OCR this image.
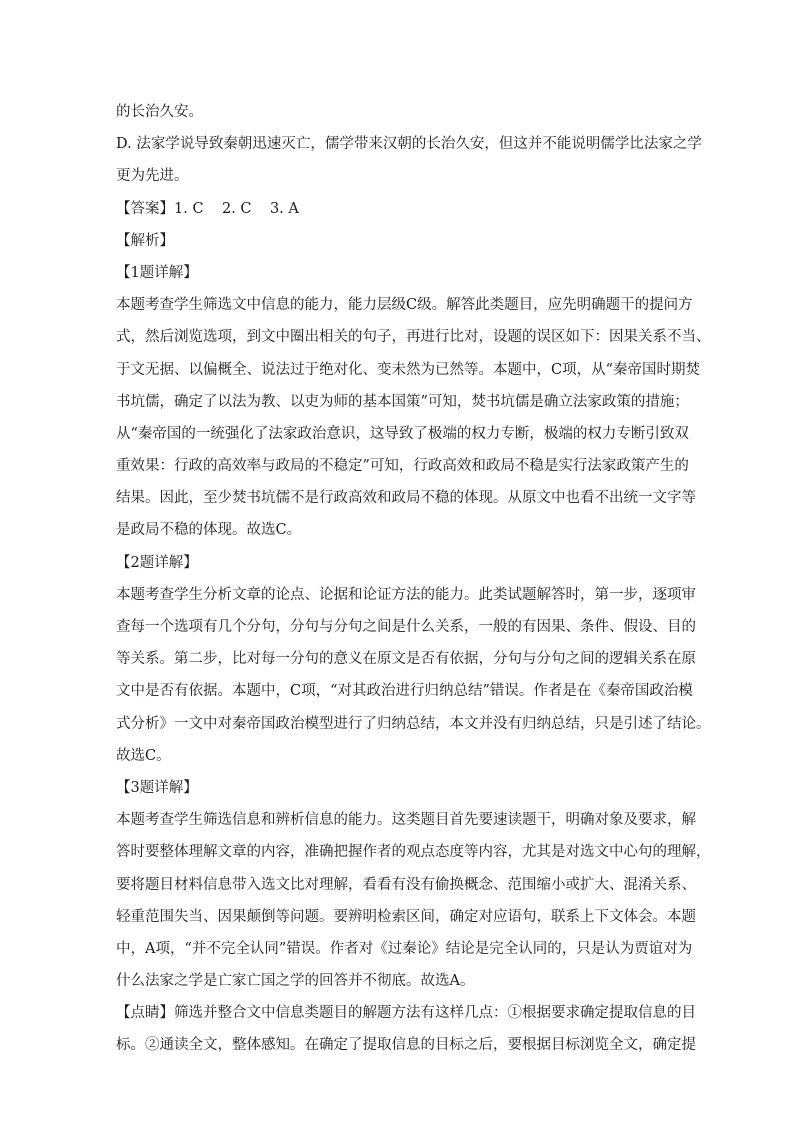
的长治久安。
D. 法家学说导致秦朝迅速灭亡，儒学带来汉朝的长治久安，但这并不能说明儒学比法家之学
更为先进。
【答案】1. C    2. C    3. A
【解析】
【1题详解】
本题考查学生筛选文中信息的能力，能力层级C级。解答此类题目，应先明确题干的提问方
式，然后浏览选项，到文中圈出相关的句子，再进行比对，设题的误区如下：因果关系不当、
于文无据、以偏概全、说法过于绝对化、变未然为已然等。本题中，C项，从“秦帝国时期焚
书坑儒，确定了以法为教、以吏为师的基本国策”可知，焚书坑儒是确立法家政策的措施；
从“秦帝国的一统强化了法家政治意识，这导致了极端的权力专断，极端的权力专断引致双
重效果：行政的高效率与政局的不稳定”可知，行政高效和政局不稳是实行法家政策产生的
结果。因此，至少焚书坑儒不是行政高效和政局不稳的体现。从原文中也看不出统一文字等
是政局不稳的体现。故选C。
【2题详解】
本题考查学生分析文章的论点、论据和论证方法的能力。此类试题解答时，第一步，逐项审
查每一个选项有几个分句，分句与分句之间是什么关系，一般的有因果、条件、假设、目的
等关系。第二步，比对每一分句的意义在原文是否有依据，分句与分句之间的逻辑关系在原
文中是否有依据。本题中，C项，“对其政治进行归纳总结”错误。作者是在《秦帝国政治模
式分析》一文中对秦帝国政治模型进行了归纳总结，本文并没有归纳总结，只是引述了结论。
故选C。
【3题详解】
本题考查学生筛选信息和辨析信息的能力。这类题目首先要速读题干，明确对象及要求，解
答时要整体理解文章的内容，准确把握作者的观点态度等内容，尤其是对选文中心句的理解，
要将题目材料信息带入选文比对理解，看看有没有偷换概念、范围缩小或扩大、混淆关系、
轻重范围失当、因果颠倒等问题。要辨明检索区间，确定对应语句，联系上下文体会。本题
中，A项，“并不完全认同”错误。作者对《过秦论》结论是完全认同的，只是认为贾谊对为
什么法家之学是亡家亡国之学的回答并不彻底。故选A。
【点睛】筛选并整合文中信息类题目的解题方法有这样几点：①根据要求确定提取信息的目
标。②通读全文，整体感知。在确定了提取信息的目标之后，要根据目标浏览全文，确定提
